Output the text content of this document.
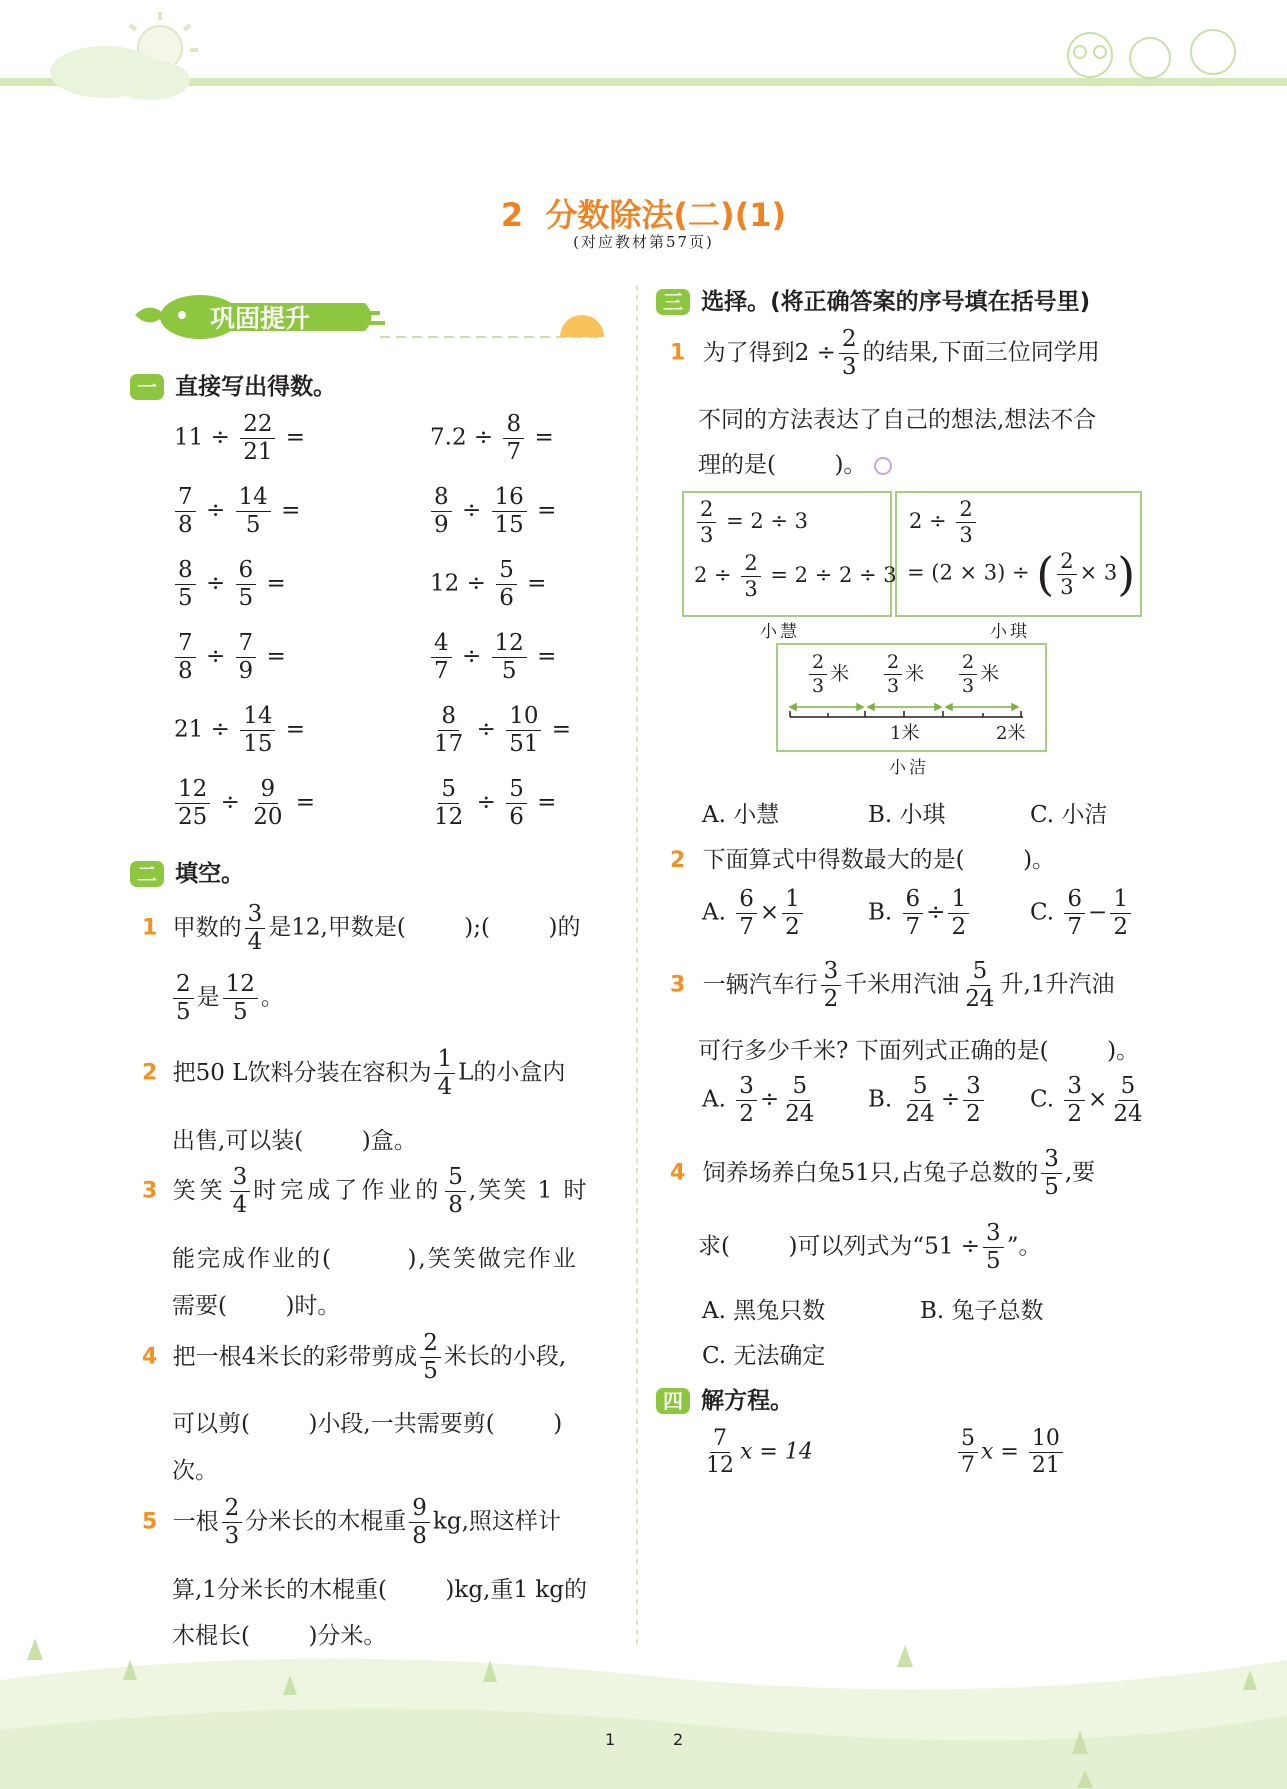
2  分数除法(二)(1)
(对应教材第57页)
巩固提升
一 直接写出得数。
$11 \div \frac{22}{21}$ =	$7.2 \div \frac{8}{7}$ =
$\frac{7}{8} \div \frac{14}{5}$ =	$\frac{8}{9} \div \frac{16}{15}$ =
$\frac{8}{5} \div \frac{6}{5}$ =	$12 \div \frac{5}{6}$ =
$\frac{7}{8} \div \frac{7}{9}$ =	$\frac{4}{7} \div \frac{12}{5}$ =
$21 \div \frac{14}{15}$ =	$\frac{8}{17} \div \frac{10}{51}$ =
$\frac{12}{25} \div \frac{9}{20}$ =	$\frac{5}{12} \div \frac{5}{6}$ =
二 填空。
1 甲数的 $\frac{3}{4}$ 是12,甲数是(        );(        )的
$\frac{2}{5}$ 是 $\frac{12}{5}$ 。
2 把50 L饮料分装在容积为 $\frac{1}{4}$ L的小盒内
出售,可以装(        )盒。
3 笑笑 $\frac{3}{4}$ 时完成了作业的 $\frac{5}{8}$ ,笑笑 1 时
能完成作业的(        ),笑笑做完作业
需要(        )时。
4 把一根4米长的彩带剪成 $\frac{2}{5}$ 米长的小段,
可以剪(        )小段,一共需要剪(        )
次。
5 一根 $\frac{2}{3}$ 分米长的木棍重 $\frac{9}{8}$ kg,照这样计
算,1分米长的木棍重(        )kg,重1 kg的
木棍长(        )分米。
三 选择。(将正确答案的序号填在括号里)
1 为了得到$2 \div \frac{2}{3}$ 的结果,下面三位同学用
不同的方法表达了自己的想法,想法不合
理的是(        )。
$\frac{2}{3} = 2 \div 3$
$2 \div \frac{2}{3} = 2 \div 2 \div 3$
小慧
$2 \div \frac{2}{3}$
= (2 × 3) ÷ ( $\frac{2}{3} \times 3$)
小琪
$\frac{2}{3}$ 米 $\frac{2}{3}$ 米 $\frac{2}{3}$ 米
1米	2米
小洁
A. 小慧	B. 小琪	C. 小洁
2 下面算式中得数最大的是(        )。
A. $\frac{6}{7} \times \frac{1}{2}$	B. $\frac{6}{7} \div \frac{1}{2}$	C. $\frac{6}{7} - \frac{1}{2}$
3 一辆汽车行 $\frac{3}{2}$ 千米用汽油 $\frac{5}{24}$ 升,1升汽油
可行多少千米? 下面列式正确的是(        )。
A. $\frac{3}{2} \div \frac{5}{24} B$. $\frac{5}{24} \div \frac{3}{2} C$. $\frac{3}{2} \times \frac{5}{24}$
4 饲养场养白兔51只,占兔子总数的 $\frac{3}{5}$ ,要
求(        )可以列式为“$51 \div \frac{3}{5}$ ”。
A. 黑兔只数	B. 兔子总数
C. 无法确定
四 解方程。
$\frac{7}{12}$ x = 14	$\frac{5}{7}$ $x = \frac{10}{21}$
1	2
